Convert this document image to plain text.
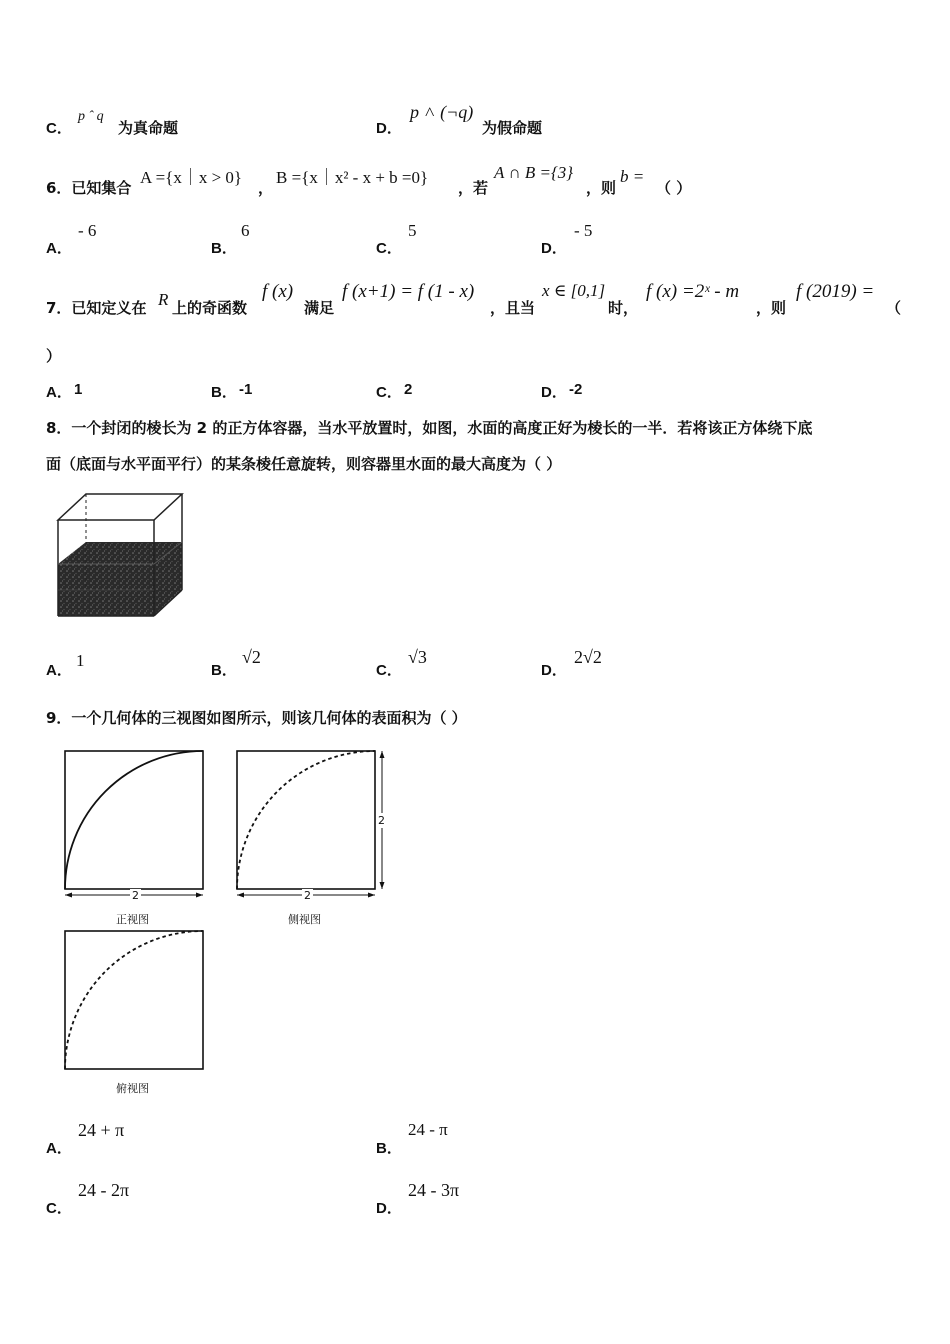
C．
p ˆ q
为真命题	D．
p ˄ (¬q)
为假命题
6．已知集合
A ={x｜x > 0}
，
B ={x｜x² - x + b =0}
，若
A ∩ B ={3}
，则
b =
（ ）
A．
- 6
B．
6
C．
5
D．
- 5
7．已知定义在 R 上的奇函数
f (x)
满足
f (x+1) = f (1 - x)
，且当
x ∈ [0,1]
时，
f (x) =2ˣ - m
，则
f (2019) =
（
）
A． 1	B． -1	C． 2	D． -2
8．一个封闭的棱长为 2 的正方体容器，当水平放置时，如图，水面的高度正好为棱长的一半．若将该正方体绕下底
面（底面与水平面平行）的某条棱任意旋转，则容器里水面的最大高度为（ ）
A．
1
B．
√2
C．
√3
D．
2√2
9．一个几何体的三视图如图所示，则该几何体的表面积为（ ）
2
正视图
2
2
侧视图
俯视图
A．
24 + π
B．
24 - π
C．
24 - 2π
D．
24 - 3π
